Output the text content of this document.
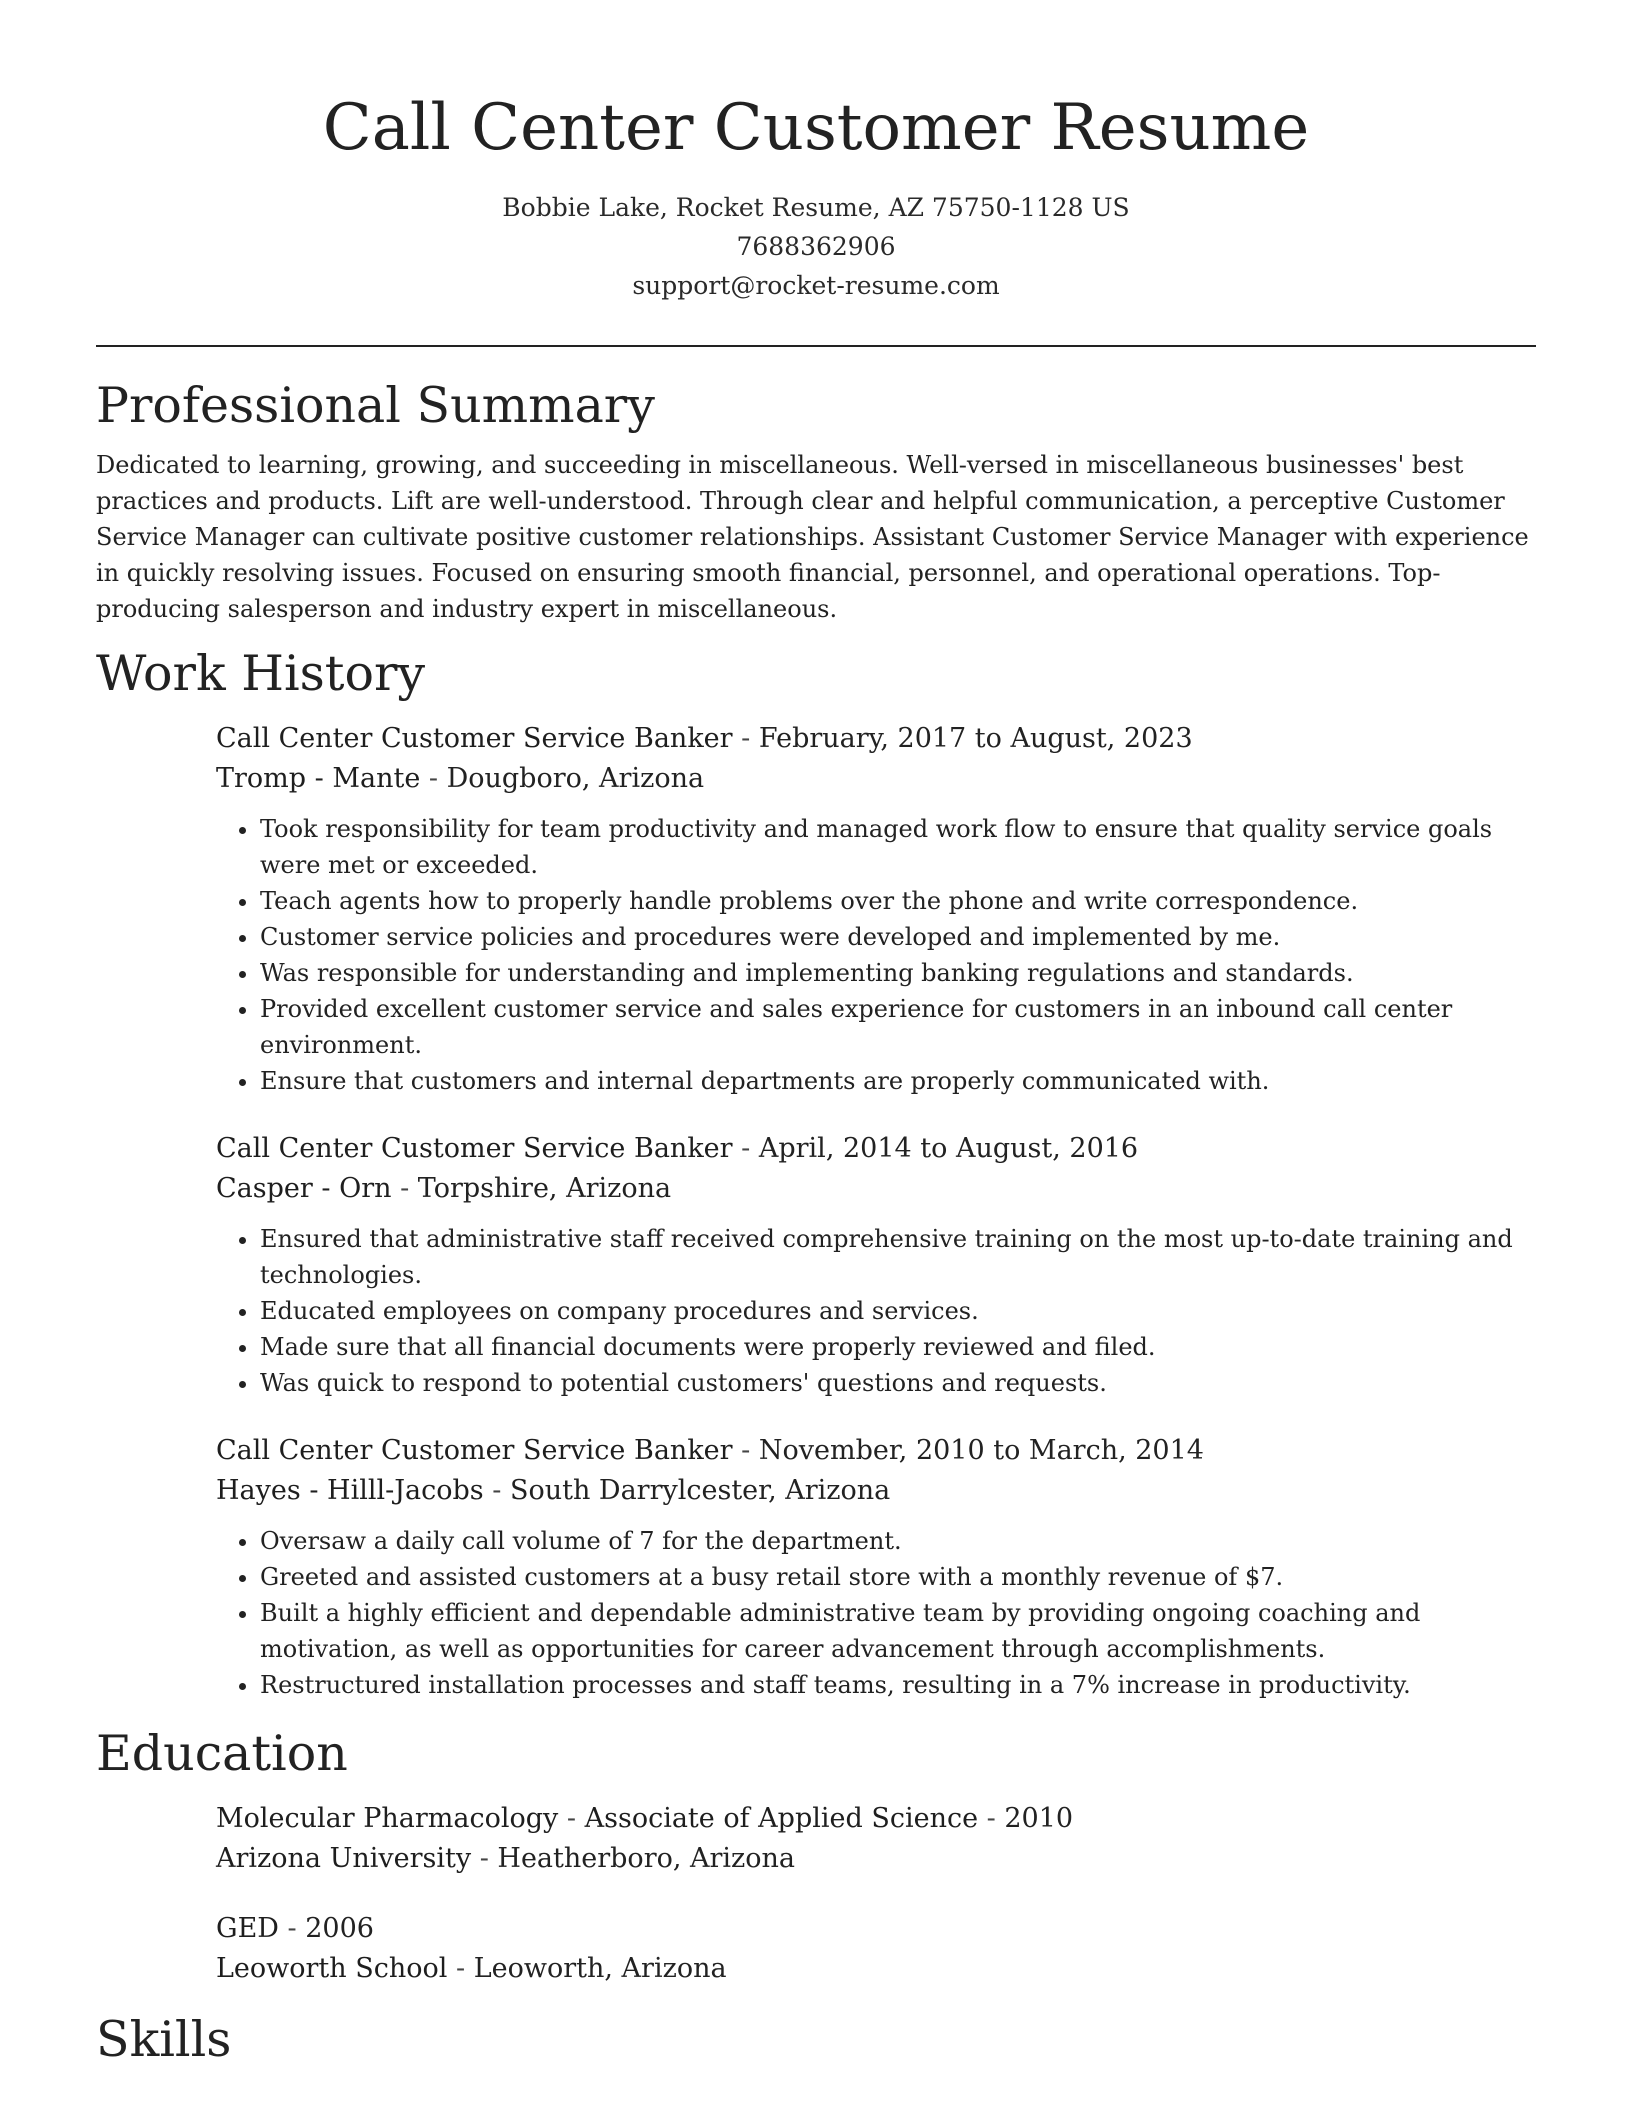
Call Center Customer Resume
Bobbie Lake, Rocket Resume, AZ 75750-1128 US
7688362906
support@rocket-resume.com
Professional Summary

Dedicated to learning, growing, and succeeding in miscellaneous. Well-versed in miscellaneous businesses' best practices and products. Lift are well-understood. Through clear and helpful communication, a perceptive Customer Service Manager can cultivate positive customer relationships. Assistant Customer Service Manager with experience in quickly resolving issues. Focused on ensuring smooth financial, personnel, and operational operations. Top-producing salesperson and industry expert in miscellaneous.

Work History
Call Center Customer Service Banker - February, 2017 to August, 2023
Tromp - Mante - Dougboro, Arizona
• Took responsibility for team productivity and managed work flow to ensure that quality service goals were met or exceeded.
• Teach agents how to properly handle problems over the phone and write correspondence.
• Customer service policies and procedures were developed and implemented by me.
• Was responsible for understanding and implementing banking regulations and standards.
• Provided excellent customer service and sales experience for customers in an inbound call center environment.
• Ensure that customers and internal departments are properly communicated with.
Call Center Customer Service Banker - April, 2014 to August, 2016
Casper - Orn - Torpshire, Arizona
• Ensured that administrative staff received comprehensive training on the most up-to-date training and technologies.
• Educated employees on company procedures and services.
• Made sure that all financial documents were properly reviewed and filed.
• Was quick to respond to potential customers' questions and requests.
Call Center Customer Service Banker - November, 2010 to March, 2014
Hayes - Hilll-Jacobs - South Darrylcester, Arizona
• Oversaw a daily call volume of 7 for the department.
• Greeted and assisted customers at a busy retail store with a monthly revenue of $7.
• Built a highly efficient and dependable administrative team by providing ongoing coaching and motivation, as well as opportunities for career advancement through accomplishments.
• Restructured installation processes and staff teams, resulting in a 7% increase in productivity.
Education
Molecular Pharmacology - Associate of Applied Science - 2010
Arizona University - Heatherboro, Arizona
GED - 2006
Leoworth School - Leoworth, Arizona
Skills
